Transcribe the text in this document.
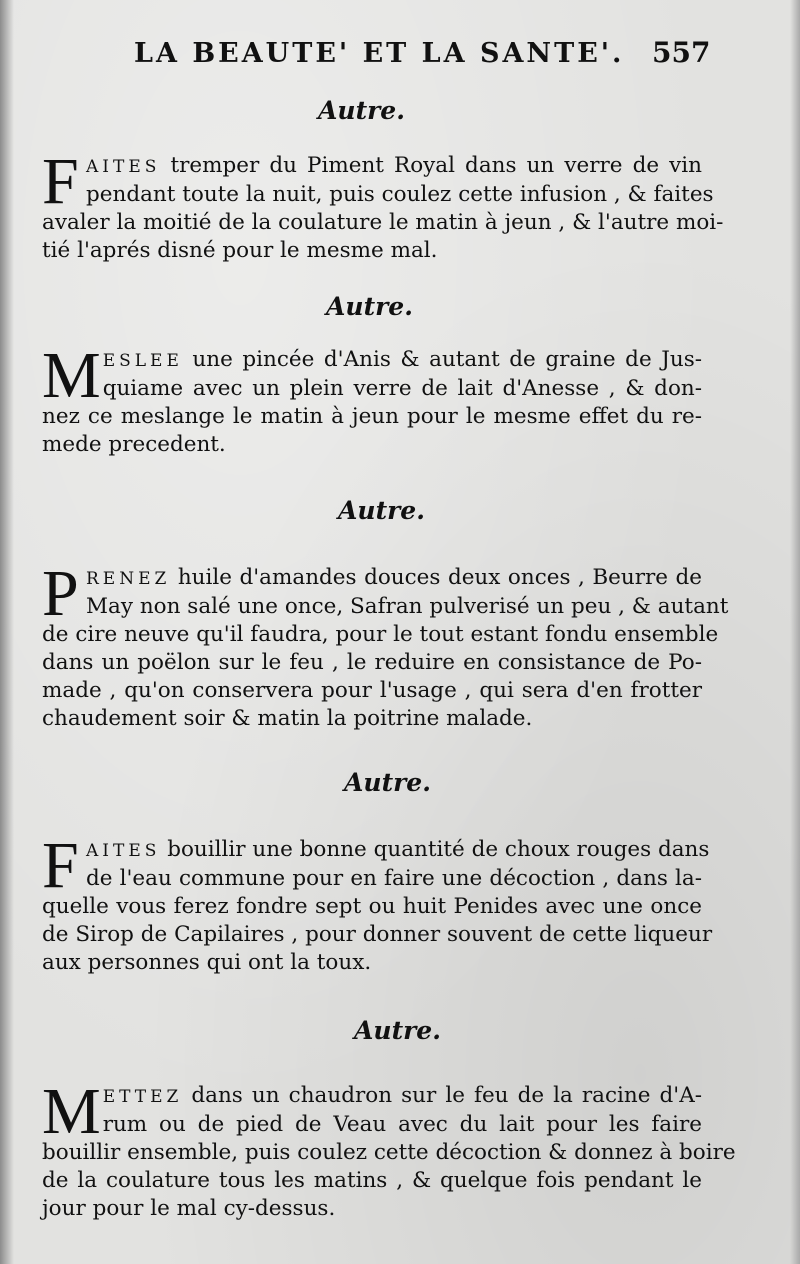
LA BEAUTE' ET LA SANTE'. 557
Autre.
F AITES tremper du Piment Royal dans un verre de vin
pendant toute la nuit, puis coulez cette infusion , & faites
avaler la moitié de la coulature le matin à jeun , & l'autre moi-
tié l'aprés disné pour le mesme mal.
Autre.
M ESLEE une pincée d'Anis & autant de graine de Jus-
quiame avec un plein verre de lait d'Anesse , & don-
nez ce meslange le matin à jeun pour le mesme effet du re-
mede precedent.
Autre.
P RENEZ huile d'amandes douces deux onces , Beurre de
May non salé une once, Safran pulverisé un peu , & autant
de cire neuve qu'il faudra, pour le tout estant fondu ensemble
dans un poëlon sur le feu , le reduire en consistance de Po-
made , qu'on conservera pour l'usage , qui sera d'en frotter
chaudement soir & matin la poitrine malade.
Autre.
F AITES bouillir une bonne quantité de choux rouges dans
de l'eau commune pour en faire une décoction , dans la-
quelle vous ferez fondre sept ou huit Penides avec une once
de Sirop de Capilaires , pour donner souvent de cette liqueur
aux personnes qui ont la toux.
Autre.
M ETTEZ dans un chaudron sur le feu de la racine d'A-
rum ou de pied de Veau avec du lait pour les faire
bouillir ensemble, puis coulez cette décoction & donnez à boire
de la coulature tous les matins , & quelque fois pendant le
jour pour le mal cy-dessus.
